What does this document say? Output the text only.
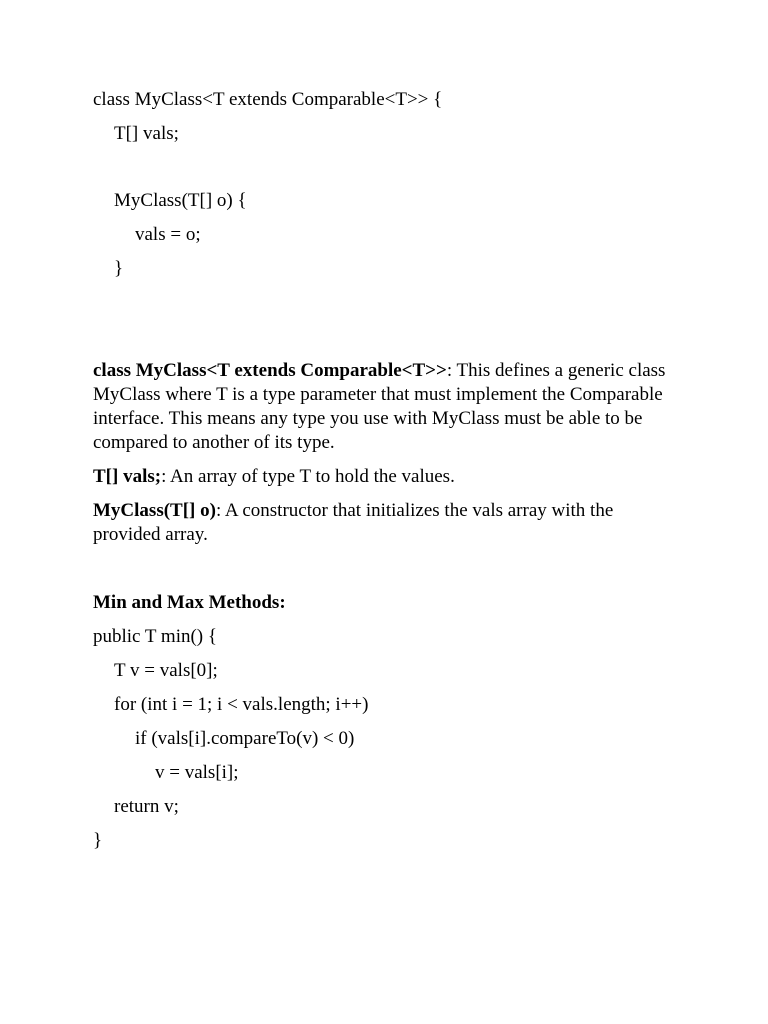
class MyClass<T extends Comparable<T>> {
T[] vals;
MyClass(T[] o) {
vals = o;
}
class MyClass<T extends Comparable<T>>: This defines a generic class MyClass where T is a type parameter that must implement the Comparable interface. This means any type you use with MyClass must be able to be compared to another of its type.
T[] vals;: An array of type T to hold the values.
MyClass(T[] o): A constructor that initializes the vals array with the provided array.
Min and Max Methods:
public T min() {
T v = vals[0];
for (int i = 1; i < vals.length; i++)
if (vals[i].compareTo(v) < 0)
v = vals[i];
return v;
}
